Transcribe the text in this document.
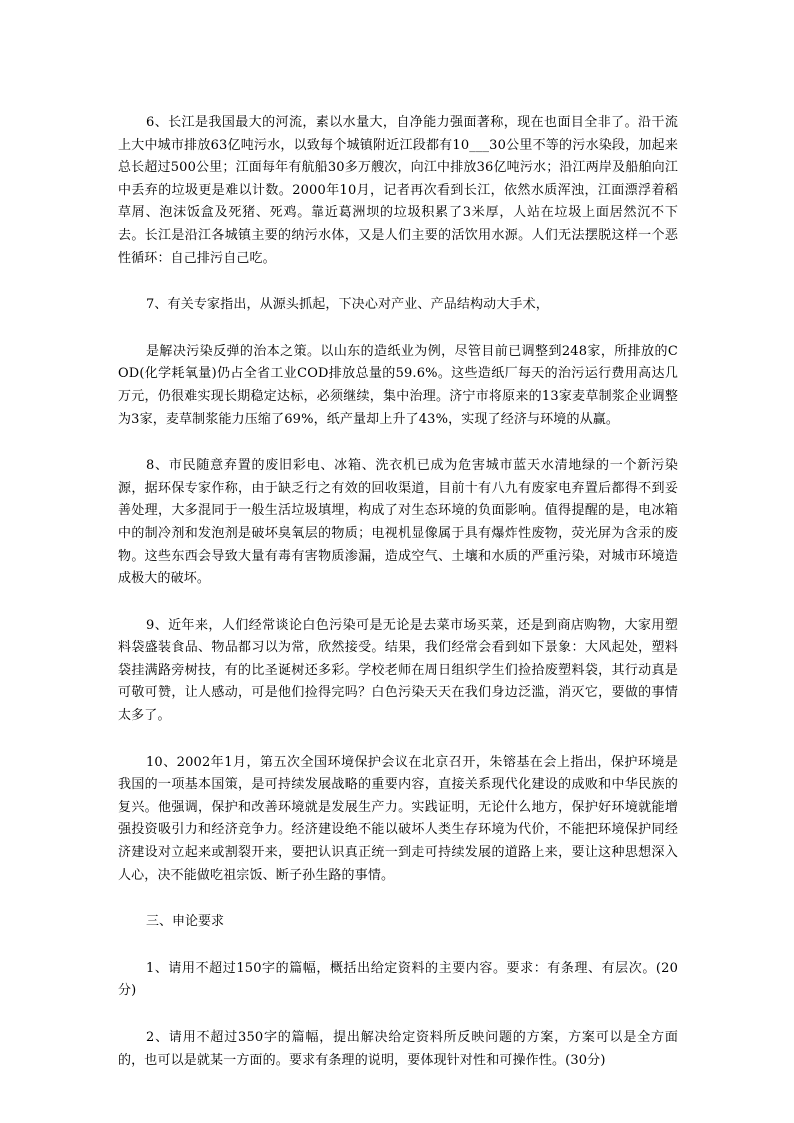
6、长江是我国最大的河流，素以水量大，自净能力强面著称，现在也面目全非了。沿干流上大中城市排放63亿吨污水，以致每个城镇附近江段都有10___30公里不等的污水染段，加起来总长超过500公里；江面每年有航船30多万艘次，向江中排放36亿吨污水；沿江两岸及船舶向江中丢弃的垃圾更是难以计数。2000年10月，记者再次看到长江，依然水质浑浊，江面漂浮着稻草屑、泡沫饭盒及死猪、死鸡。靠近葛洲坝的垃圾积累了3米厚，人站在垃圾上面居然沉不下去。长江是沿江各城镇主要的纳污水体，又是人们主要的活饮用水源。人们无法摆脱这样一个恶性循环：自己排污自己吃。

7、有关专家指出，从源头抓起，下决心对产业、产品结构动大手术，

是解决污染反弹的治本之策。以山东的造纸业为例，尽管目前已调整到248家，所排放的COD(化学耗氧量)仍占全省工业COD排放总量的59.6%。这些造纸厂每天的治污运行费用高达几万元，仍很难实现长期稳定达标，必须继续，集中治理。济宁市将原来的13家麦草制浆企业调整为3家，麦草制浆能力压缩了69%，纸产量却上升了43%，实现了经济与环境的从赢。

8、市民随意弃置的废旧彩电、冰箱、洗衣机已成为危害城市蓝天水清地绿的一个新污染源，据环保专家作称，由于缺乏行之有效的回收渠道，目前十有八九有废家电弃置后都得不到妥善处理，大多混同于一般生活垃圾填埋，构成了对生态环境的负面影响。值得提醒的是，电冰箱中的制冷剂和发泡剂是破坏臭氧层的物质；电视机显像属于具有爆炸性废物，荧光屏为含汞的废物。这些东西会导致大量有毒有害物质渗漏，造成空气、土壤和水质的严重污染，对城市环境造成极大的破坏。

9、近年来，人们经常谈论白色污染可是无论是去菜市场买菜，还是到商店购物，大家用塑料袋盛装食品、物品都习以为常，欣然接受。结果，我们经常会看到如下景象：大风起处，塑料袋挂满路旁树技，有的比圣诞树还多彩。学校老师在周日组织学生们捡拾废塑料袋，其行动真是可敬可赞，让人感动，可是他们捡得完吗？白色污染天天在我们身边泛滥，消灭它，要做的事情太多了。

10、2002年1月，第五次全国环境保护会议在北京召开，朱镕基在会上指出，保护环境是我国的一项基本国策，是可持续发展战略的重要内容，直接关系现代化建设的成败和中华民族的复兴。他强调，保护和改善环境就是发展生产力。实践证明，无论什么地方，保护好环境就能增强投资吸引力和经济竞争力。经济建设绝不能以破坏人类生存环境为代价，不能把环境保护同经济建设对立起来或割裂开来，要把认识真正统一到走可持续发展的道路上来，要让这种思想深入人心，决不能做吃祖宗饭、断子孙生路的事情。

三、申论要求

1、请用不超过150字的篇幅，概括出给定资料的主要内容。要求：有条理、有层次。(20分)

2、请用不超过350字的篇幅，提出解决给定资料所反映问题的方案，方案可以是全方面的，也可以是就某一方面的。要求有条理的说明，要体现针对性和可操作性。(30分)
